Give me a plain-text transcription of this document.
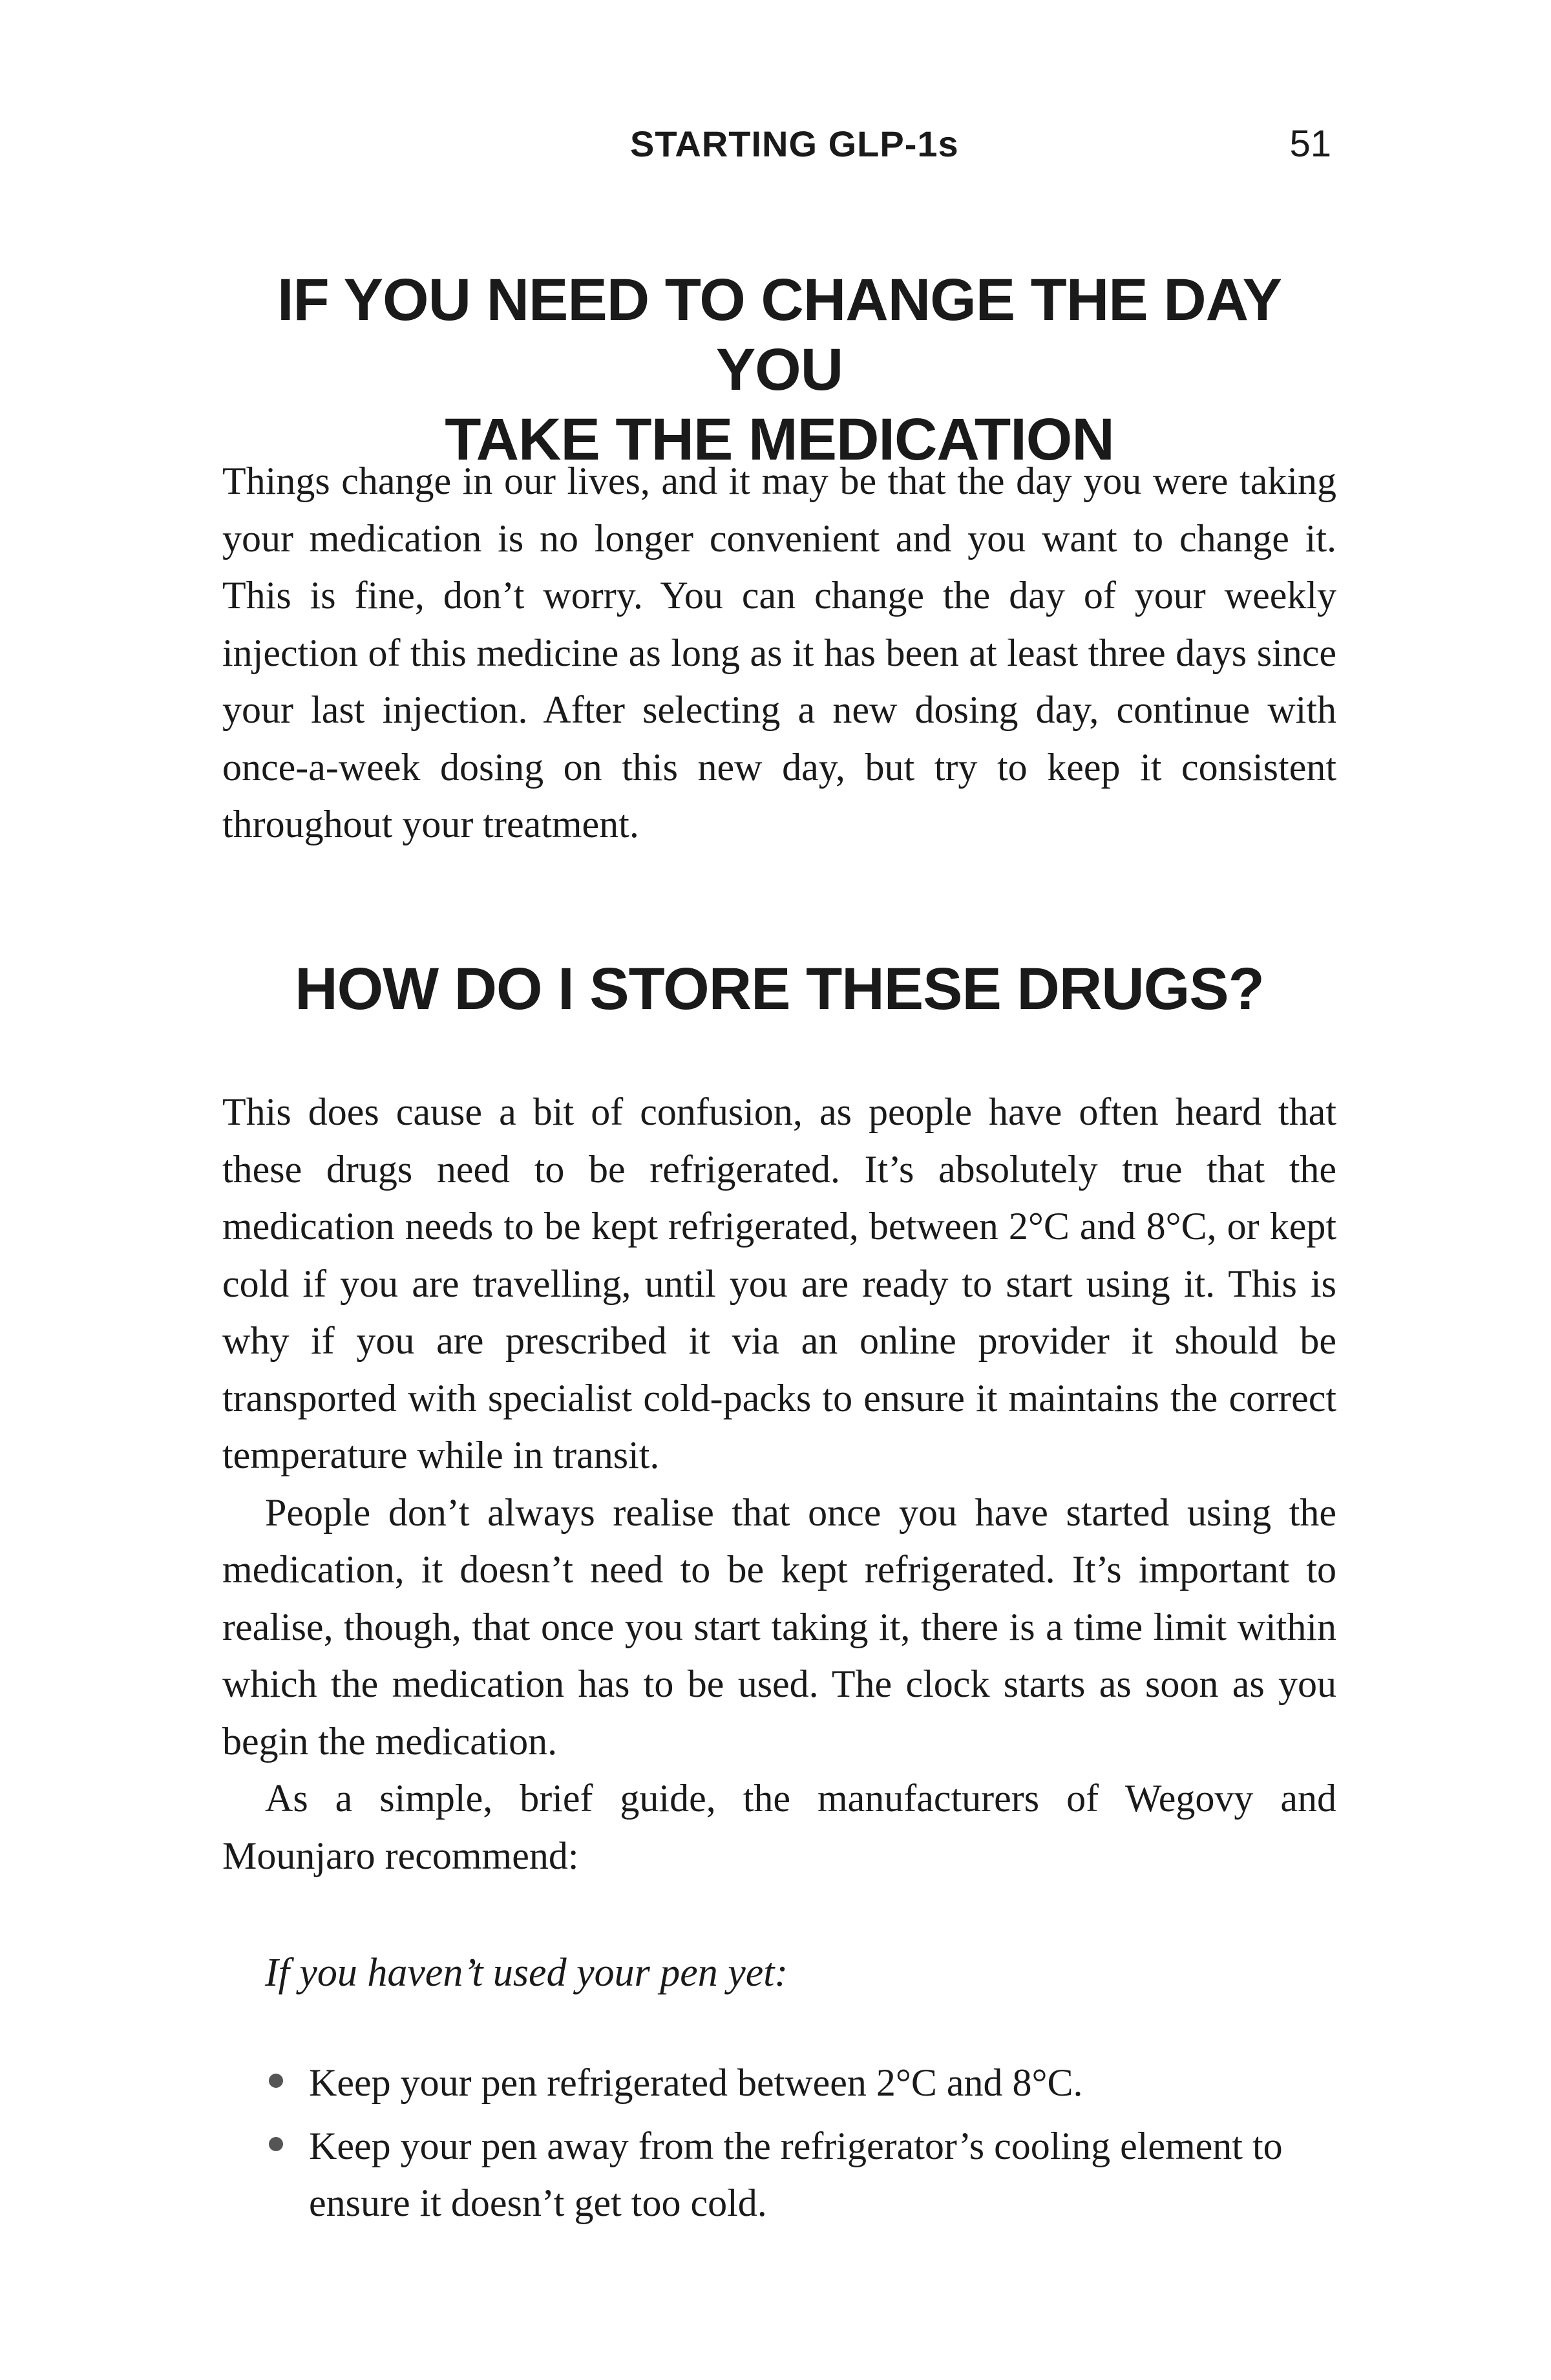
STARTING GLP-1s	51
IF YOU NEED TO CHANGE THE DAY YOU
TAKE THE MEDICATION

Things change in our lives, and it may be that the day you were taking your medication is no longer convenient and you want to change it. This is fine, don’t worry. You can change the day of your weekly injection of this medicine as long as it has been at least three days since your last injection. After selecting a new dosing day, continue with once-a-week dosing on this new day, but try to keep it consistent throughout your treatment.

HOW DO I STORE THESE DRUGS?

This does cause a bit of confusion, as people have often heard that these drugs need to be refrigerated. It’s absolutely true that the medication needs to be kept refrigerated, between 2°C and 8°C, or kept cold if you are travelling, until you are ready to start using it. This is why if you are prescribed it via an online provider it should be transported with specialist cold-packs to ensure it maintains the correct temperature while in transit.

People don’t always realise that once you have started using the medication, it doesn’t need to be kept refrigerated. It’s important to realise, though, that once you start taking it, there is a time limit within which the medication has to be used. The clock starts as soon as you begin the medication.

As a simple, brief guide, the manufacturers of Wegovy and Mounjaro recommend:

If you haven’t used your pen yet:

Keep your pen refrigerated between 2°C and 8°C.
Keep your pen away from the refrigerator’s cooling element to ensure it doesn’t get too cold.
